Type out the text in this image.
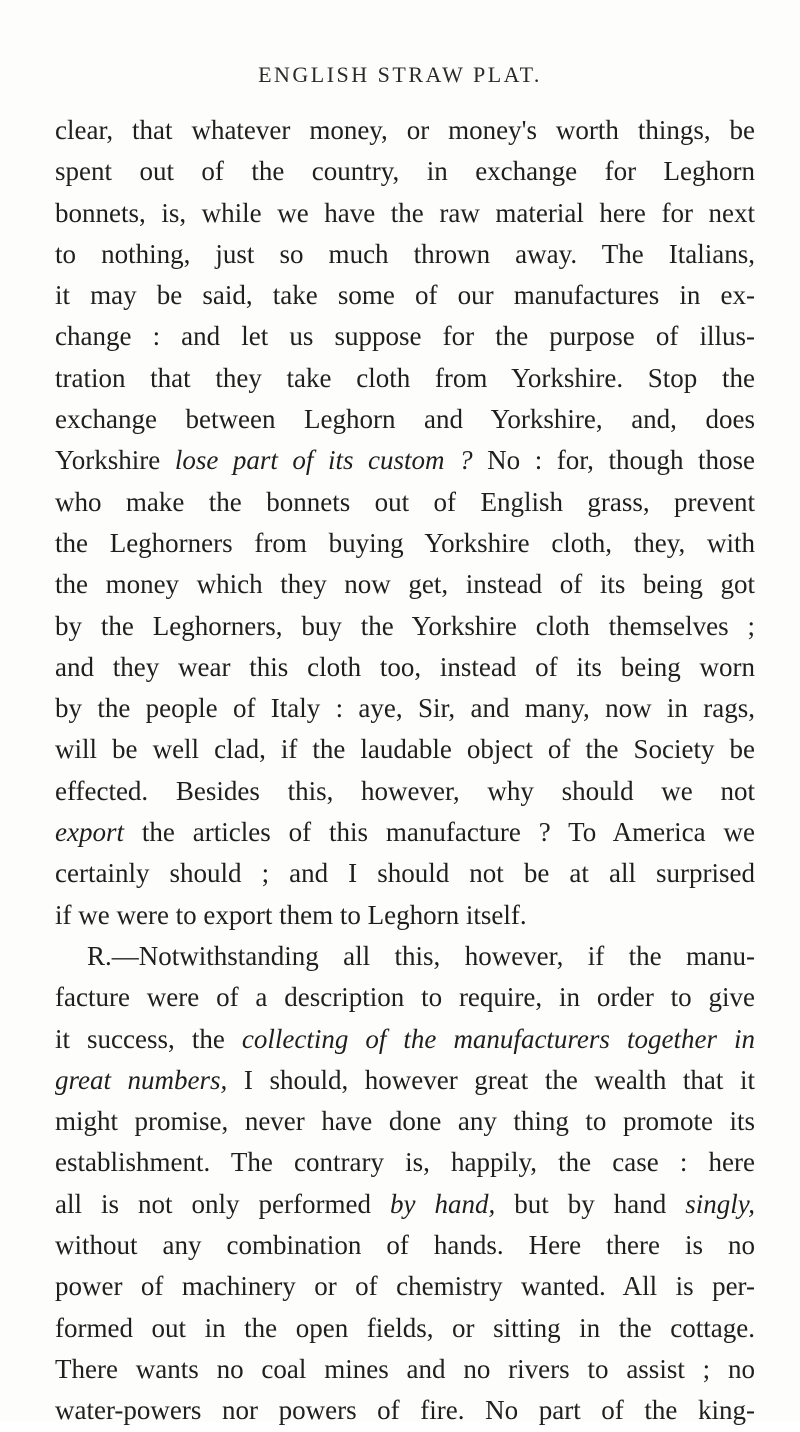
ENGLISH STRAW PLAT.
clear, that whatever money, or money's worth things, be
spent out of the country, in exchange for Leghorn
bonnets, is, while we have the raw material here for next
to nothing, just so much thrown away. The Italians,
it may be said, take some of our manufactures in ex-
change : and let us suppose for the purpose of illus-
tration that they take cloth from Yorkshire. Stop the
exchange between Leghorn and Yorkshire, and, does
Yorkshire lose part of its custom ? No : for, though those
who make the bonnets out of English grass, prevent
the Leghorners from buying Yorkshire cloth, they, with
the money which they now get, instead of its being got
by the Leghorners, buy the Yorkshire cloth themselves ;
and they wear this cloth too, instead of its being worn
by the people of Italy : aye, Sir, and many, now in rags,
will be well clad, if the laudable object of the Society be
effected. Besides this, however, why should we not
export the articles of this manufacture ? To America we
certainly should ; and I should not be at all surprised
if we were to export them to Leghorn itself.
R.—Notwithstanding all this, however, if the manu-
facture were of a description to require, in order to give
it success, the collecting of the manufacturers together in
great numbers, I should, however great the wealth that it
might promise, never have done any thing to promote its
establishment. The contrary is, happily, the case : here
all is not only performed by hand, but by hand singly,
without any combination of hands. Here there is no
power of machinery or of chemistry wanted. All is per-
formed out in the open fields, or sitting in the cottage.
There wants no coal mines and no rivers to assist ; no
water-powers nor powers of fire. No part of the king-
